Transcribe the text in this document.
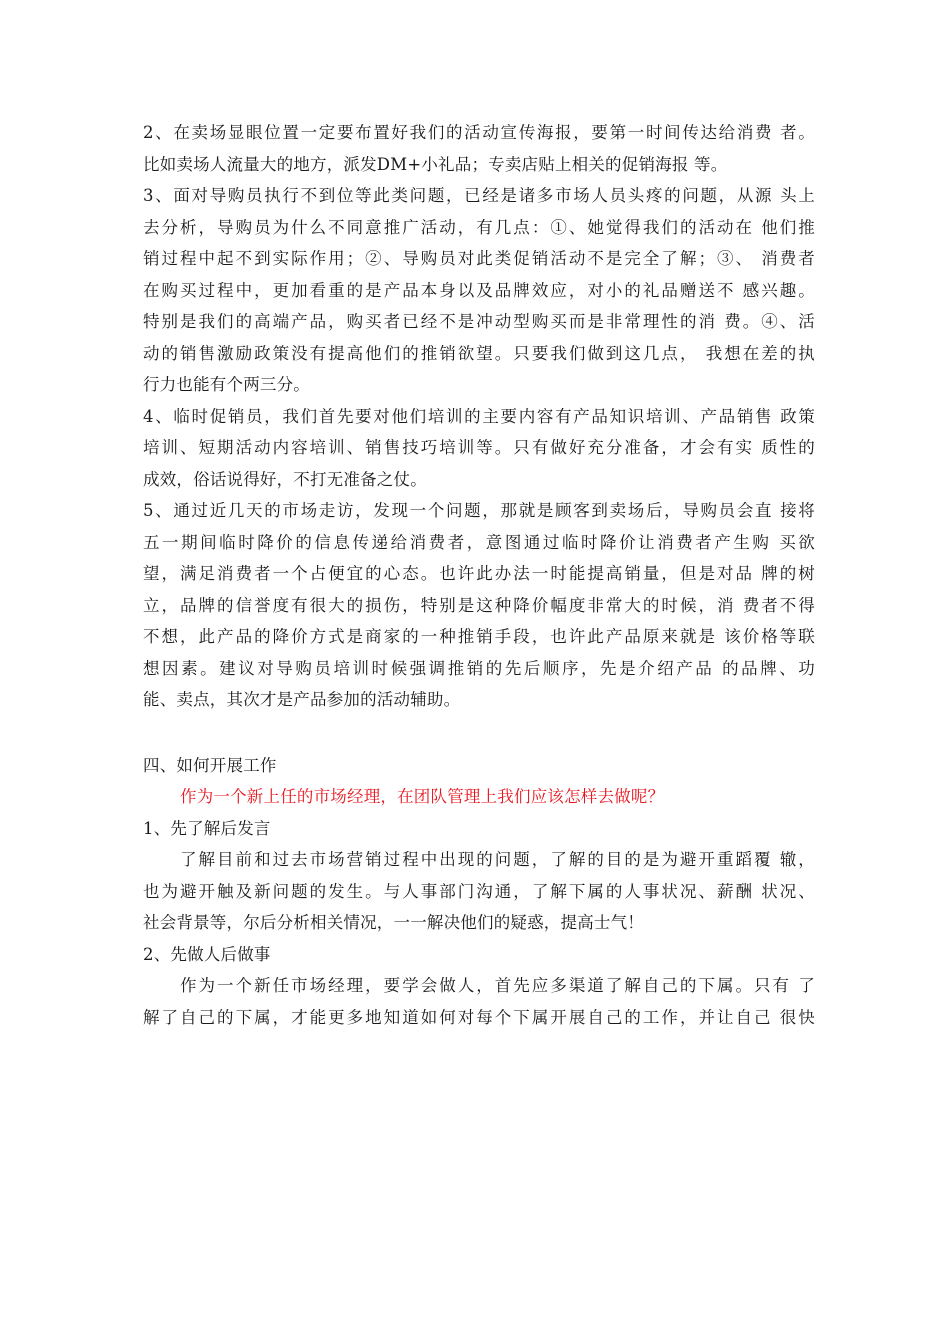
2、在卖场显眼位置一定要布置好我们的活动宣传海报，要第一时间传达给消费 者。
比如卖场人流量大的地方，派发DM+小礼品；专卖店贴上相关的促销海报 等。
3、面对导购员执行不到位等此类问题，已经是诸多市场人员头疼的问题，从源 头上
去分析，导购员为什么不同意推广活动，有几点：①、她觉得我们的活动在 他们推
销过程中起不到实际作用；②、导购员对此类促销活动不是完全了解；③、 消费者
在购买过程中，更加看重的是产品本身以及品牌效应，对小的礼品赠送不 感兴趣。
特别是我们的高端产品，购买者已经不是冲动型购买而是非常理性的消 费。④、活
动的销售激励政策没有提高他们的推销欲望。只要我们做到这几点， 我想在差的执
行力也能有个两三分。
4、临时促销员，我们首先要对他们培训的主要内容有产品知识培训、产品销售 政策
培训、短期活动内容培训、销售技巧培训等。只有做好充分准备，才会有实 质性的
成效，俗话说得好，不打无准备之仗。
5、通过近几天的市场走访，发现一个问题，那就是顾客到卖场后，导购员会直 接将
五一期间临时降价的信息传递给消费者，意图通过临时降价让消费者产生购 买欲
望，满足消费者一个占便宜的心态。也许此办法一时能提高销量，但是对品 牌的树
立，品牌的信誉度有很大的损伤，特别是这种降价幅度非常大的时候，消 费者不得
不想，此产品的降价方式是商家的一种推销手段，也许此产品原来就是 该价格等联
想因素。建议对导购员培训时候强调推销的先后顺序，先是介绍产品 的品牌、功
能、卖点，其次才是产品参加的活动辅助。
四、如何开展工作
作为一个新上任的市场经理，在团队管理上我们应该怎样去做呢？
1、先了解后发言
了解目前和过去市场营销过程中出现的问题，了解的目的是为避开重蹈覆 辙，
也为避开触及新问题的发生。与人事部门沟通，了解下属的人事状况、薪酬 状况、
社会背景等，尔后分析相关情况，一一解决他们的疑惑，提高士气！
2、先做人后做事
作为一个新任市场经理，要学会做人，首先应多渠道了解自己的下属。只有 了
解了自己的下属，才能更多地知道如何对每个下属开展自己的工作，并让自己 很快
